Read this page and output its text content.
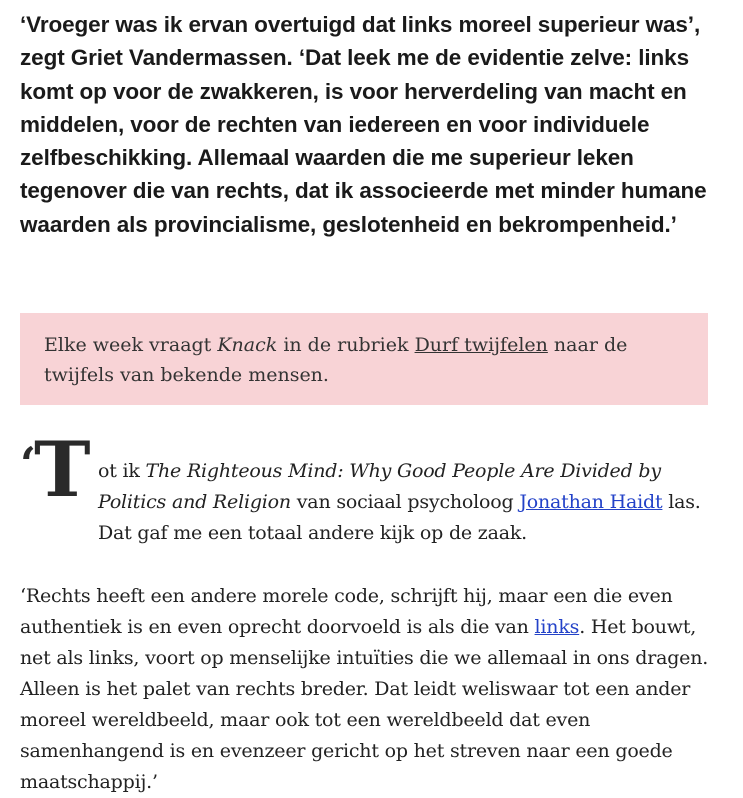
‘Vroeger was ik ervan overtuigd dat links moreel superieur was’, zegt Griet Vandermassen. ‘Dat leek me de evidentie zelve: links komt op voor de zwakkeren, is voor herverdeling van macht en middelen, voor de rechten van iedereen en voor individuele zelfbeschikking. Allemaal waarden die me superieur leken tegenover die van rechts, dat ik associeerde met minder humane waarden als provincialisme, geslotenheid en bekrompenheid.’

Elke week vraagt Knack in de rubriek Durf twijfelen naar de twijfels van bekende mensen.
‘T ot ik The Righteous Mind: Why Good People Are Divided by Politics and Religion van sociaal psycholoog Jonathan Haidt las. Dat gaf me een totaal andere kijk op de zaak.

‘Rechts heeft een andere morele code, schrijft hij, maar een die even authentiek is en even oprecht doorvoeld is als die van links. Het bouwt, net als links, voort op menselijke intuïties die we allemaal in ons dragen. Alleen is het palet van rechts breder. Dat leidt weliswaar tot een ander moreel wereldbeeld, maar ook tot een wereldbeeld dat even samenhangend is en evenzeer gericht op het streven naar een goede maatschappij.’
